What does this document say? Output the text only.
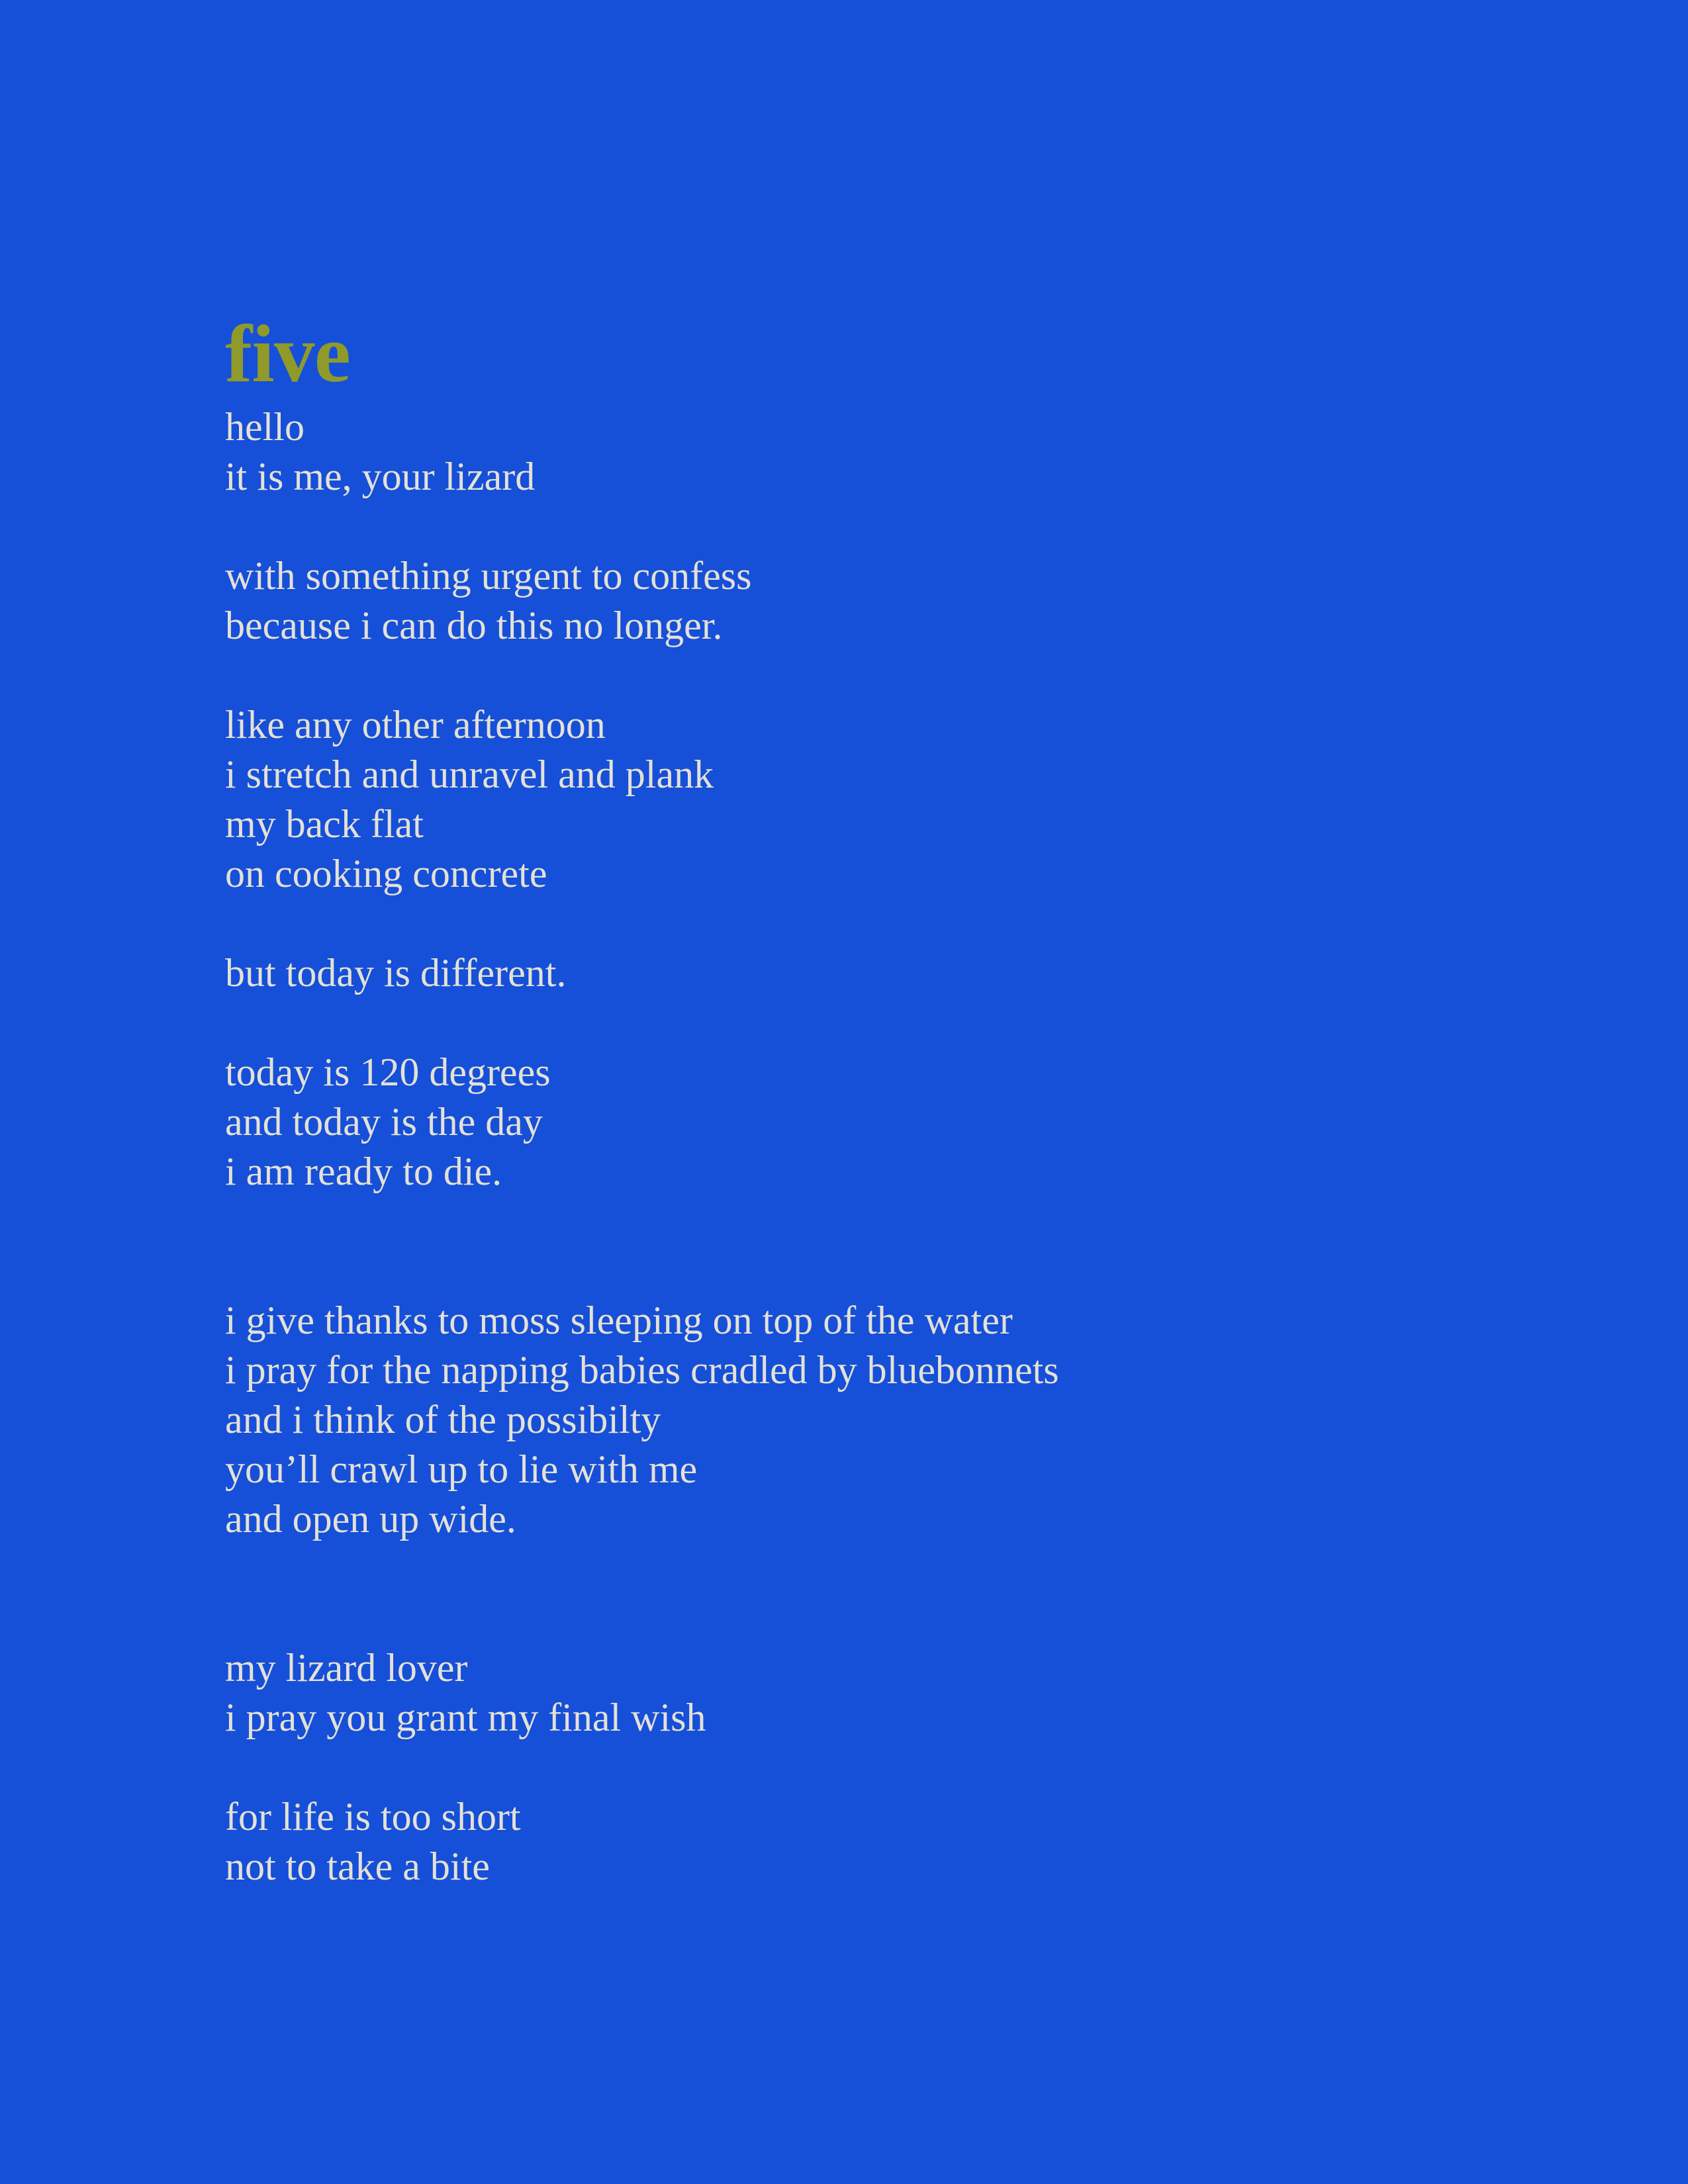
five
hello
it is me, your lizard
with something urgent to confess
because i can do this no longer.
like any other afternoon
i stretch and unravel and plank
my back flat
on cooking concrete
but today is different.
today is 120 degrees
and today is the day
i am ready to die.
i give thanks to moss sleeping on top of the water
i pray for the napping babies cradled by bluebonnets
and i think of the possibilty
you’ll crawl up to lie with me
and open up wide.
my lizard lover
i pray you grant my final wish
for life is too short
not to take a bite
